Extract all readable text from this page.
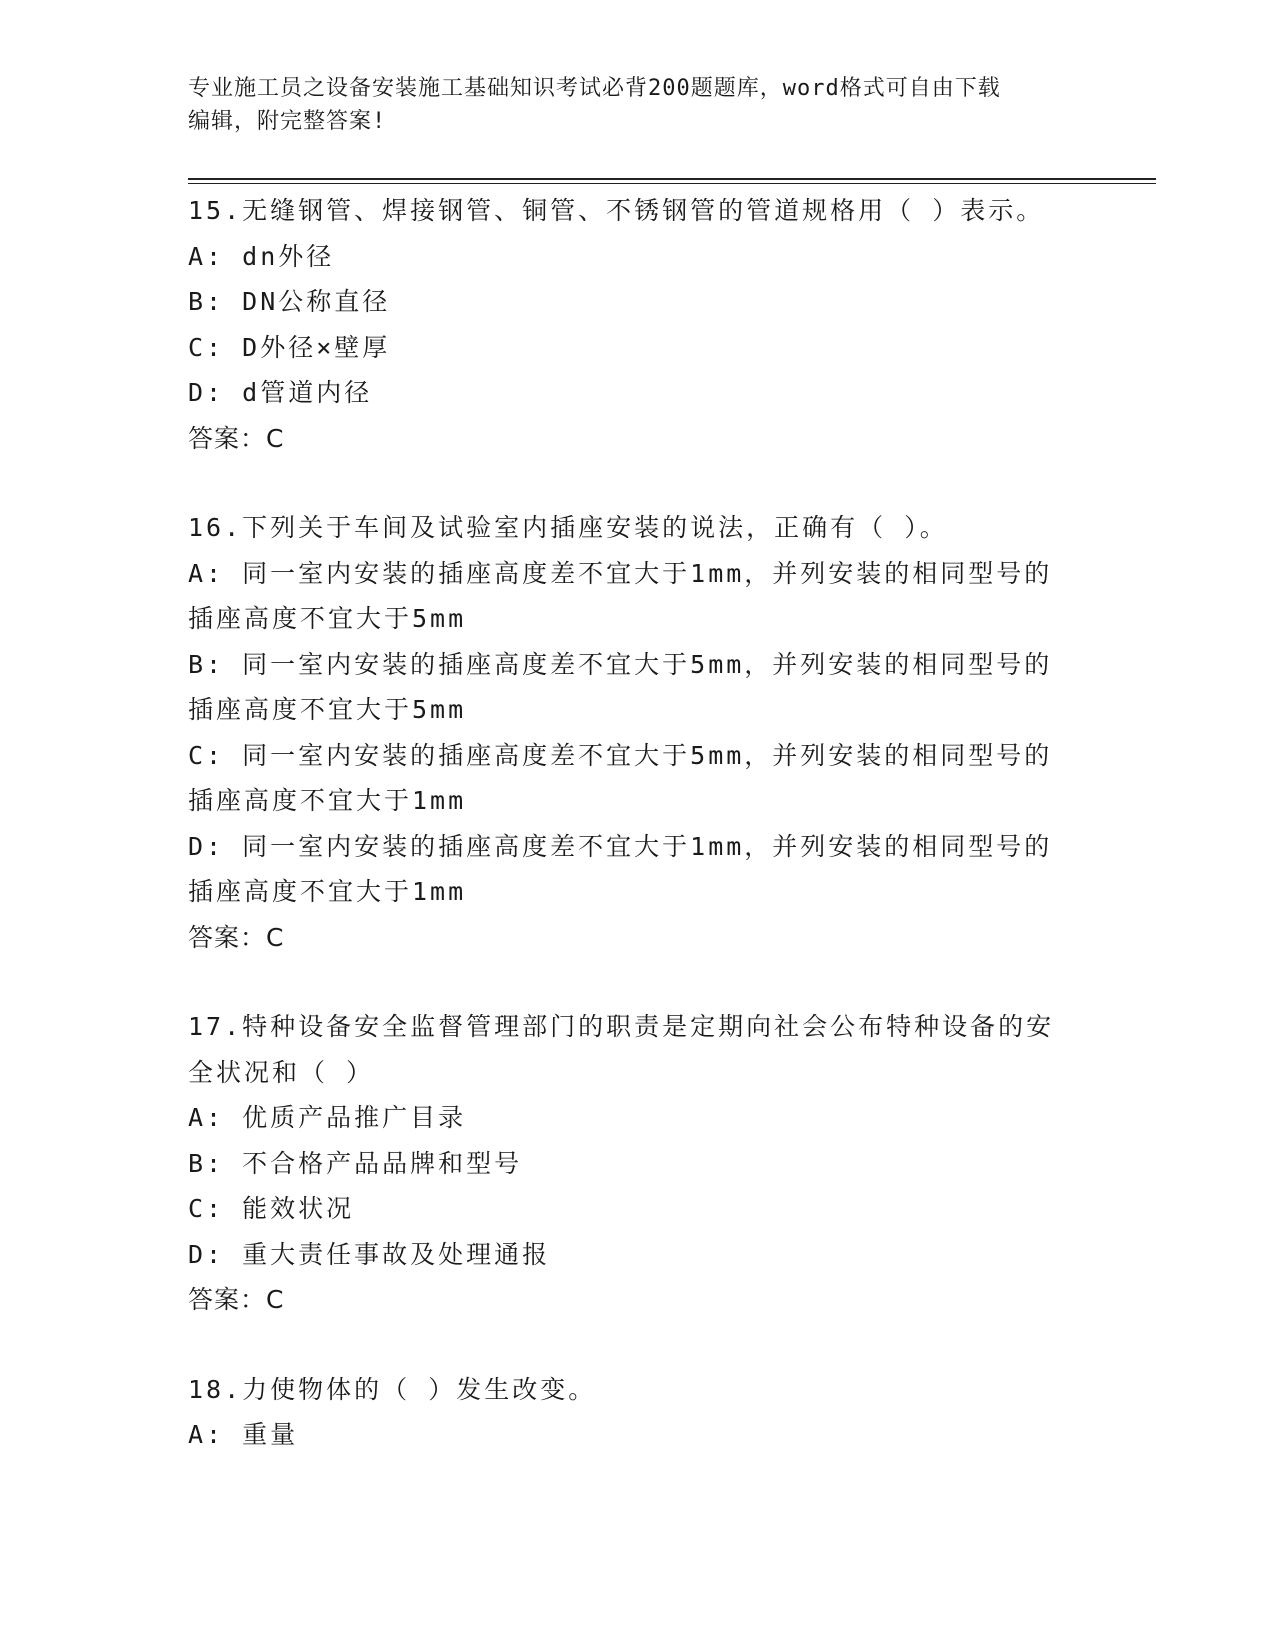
专业施工员之设备安装施工基础知识考试必背200题题库，word格式可自由下载
编辑，附完整答案!
15.无缝钢管、焊接钢管、铜管、不锈钢管的管道规格用（ ）表示。
A: dn外径
B: DN公称直径
C: D外径×壁厚
D: d管道内径
答案：C
16.下列关于车间及试验室内插座安装的说法，正确有（ ）。
A: 同一室内安装的插座高度差不宜大于1mm，并列安装的相同型号的
插座高度不宜大于5mm
B: 同一室内安装的插座高度差不宜大于5mm，并列安装的相同型号的
插座高度不宜大于5mm
C: 同一室内安装的插座高度差不宜大于5mm，并列安装的相同型号的
插座高度不宜大于1mm
D: 同一室内安装的插座高度差不宜大于1mm，并列安装的相同型号的
插座高度不宜大于1mm
答案：C
17.特种设备安全监督管理部门的职责是定期向社会公布特种设备的安
全状况和（ ）
A: 优质产品推广目录
B: 不合格产品品牌和型号
C: 能效状况
D: 重大责任事故及处理通报
答案：C
18.力使物体的（ ）发生改变。
A: 重量
